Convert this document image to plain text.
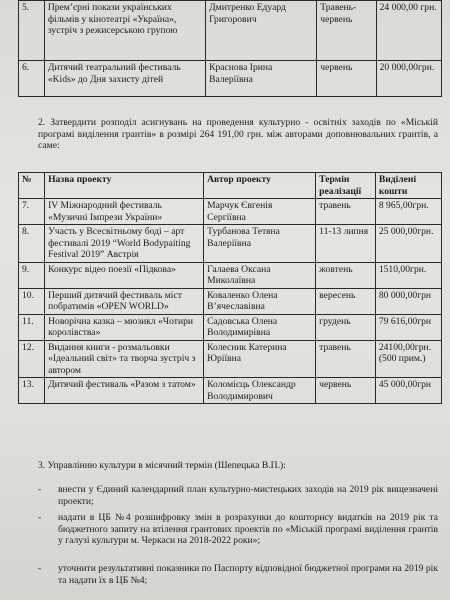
5.	Прем’єрні покази українських фільмів у кінотеатрі «Україна», зустріч з режисерською групою	Дмитренко Едуард Григорович	Травень-червень	24 000,00 грн.
6.	Дитячий театральний фестиваль «Kids» до Дня захисту дітей	Краснова Ірина Валеріївна	червень	20 000,00грн.
2. Затвердити розподіл асигнувань на проведення культурно - освітніх заходів по «Міській програмі виділення грантів» в розмірі 264 191,00 грн. між авторами доповнювальних грантів, а саме:
№	Назва проекту	Автор проекту	Термін реалізації	Виділені кошти
7.	ІV Міжнародний фестиваль «Музичні Імпрези України»	Марчук Євгенія Сергіївна	травень	8 965,00грн.
8.	Участь у Всесвітньому боді – арт фестивалі 2019 “World Bodypaiting Festival 2019” Австрія	Турбанова Тетяна Валеріївна	11-13 липня	25 000,00грн.
9.	Конкурс відео поезії «Підкова»	Галаева Оксана Миколаївна	жовтень	1510,00грн.
10.	Перший дитячий фестиваль міст побратимів «OPEN WORLD»	Коваленко Олена В’ячеславівна	вересень	80 000,00грн
11.	Новорічна казка – мюзикл «Чотири королівства»	Садовська Олена Володимирівна	грудень	79 616,00грн
12.	Видання книги - розмальовки «Ідеальний світ» та творча зустріч з автором	Колесник Катерина Юріївна	травень	24100,00грн. (500 прим.)
13.	Дитячий фестиваль «Разом з татом»	Коломієць Олександр Володимирович	червень	45 000,00грн
3. Управлінню культури в місячний термін (Шепецька В.П.):
- внести у Єдиний календарний план культурно-мистецьких заходів на 2019 рік вищезначені проекти;
- надати в ЦБ №4 розшифровку змін в розрахунки до кошторису видатків на 2019 рік та бюджетного запиту на втілення грантових проектів по «Міській програмі виділення грантів у галузі культури м. Черкаси на 2018-2022 роки»;
- уточнити результативні показники по Паспорту відповідної бюджетної програми на 2019 рік та надати їх в ЦБ №4;
